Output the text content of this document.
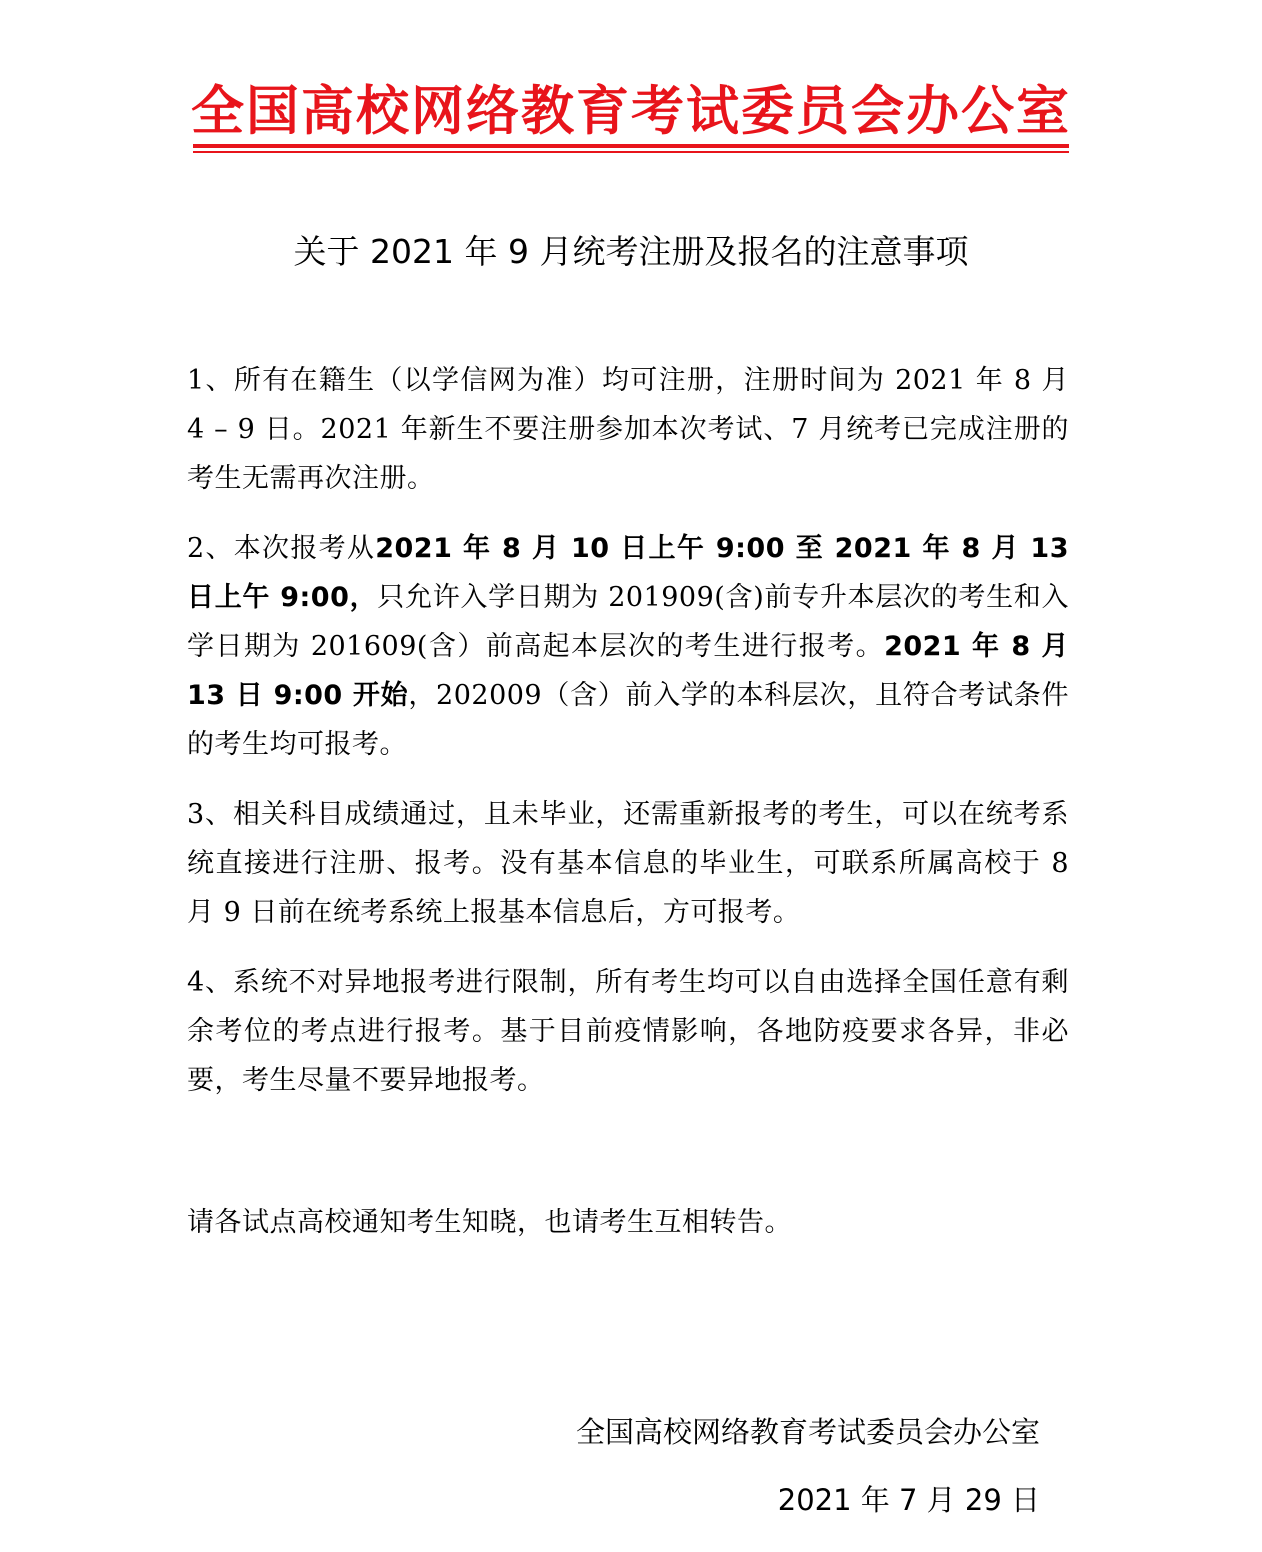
全国高校网络教育考试委员会办公室
关于 2021 年 9 月统考注册及报名的注意事项

1、所有在籍生（以学信网为准）均可注册，注册时间为 2021 年 8 月 4 – 9 日。2021 年新生不要注册参加本次考试、7 月统考已完成注册的考生无需再次注册。

2、本次报考从2021 年 8 月 10 日上午 9:00 至 2021 年 8 月 13 日上午 9:00，只允许入学日期为 201909(含)前专升本层次的考生和入学日期为 201609(含）前高起本层次的考生进行报考。2021 年 8 月 13 日 9:00 开始，202009（含）前入学的本科层次，且符合考试条件的考生均可报考。

3、相关科目成绩通过，且未毕业，还需重新报考的考生，可以在统考系统直接进行注册、报考。没有基本信息的毕业生，可联系所属高校于 8 月 9 日前在统考系统上报基本信息后，方可报考。

4、系统不对异地报考进行限制，所有考生均可以自由选择全国任意有剩余考位的考点进行报考。基于目前疫情影响，各地防疫要求各异，非必要，考生尽量不要异地报考。

请各试点高校通知考生知晓，也请考生互相转告。
全国高校网络教育考试委员会办公室
2021 年 7 月 29 日
